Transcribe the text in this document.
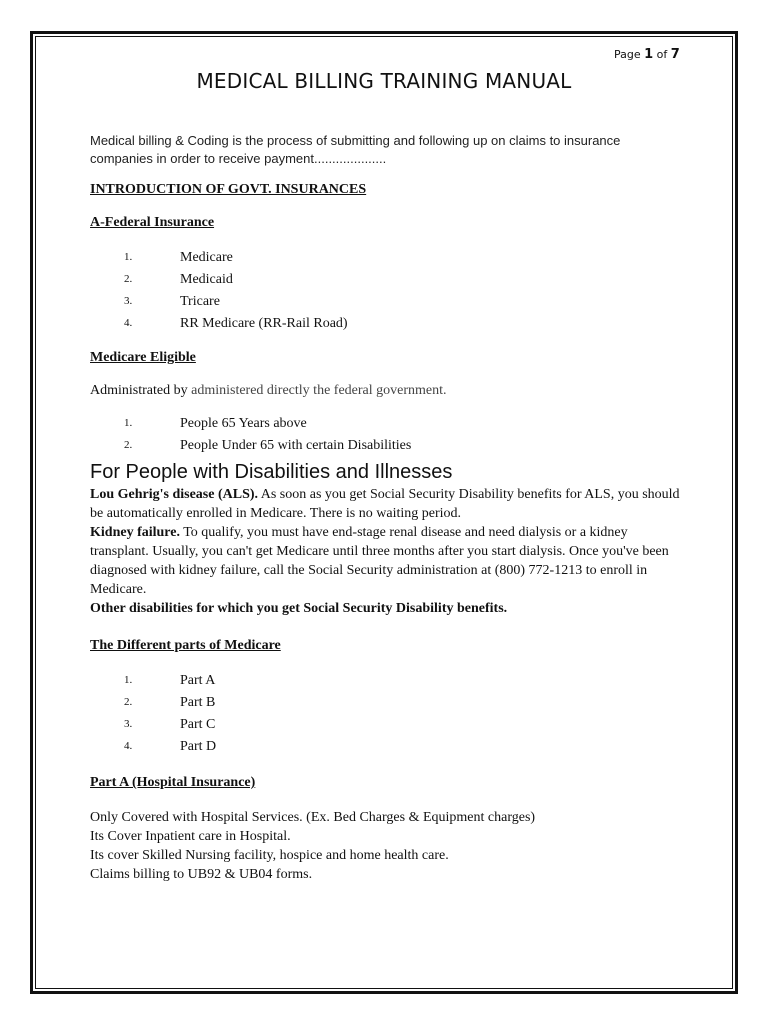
Page 1 of 7
MEDICAL BILLING TRAINING MANUAL

Medical billing & Coding is the process of submitting and following up on claims to insurance companies in order to receive payment....................

INTRODUCTION OF GOVT. INSURANCES

A-Federal Insurance

1.	Medicare
2.	Medicaid
3.	Tricare
4.	RR Medicare (RR-Rail Road)

Medicare Eligible

Administrated by administered directly the federal government.

1.	People 65 Years above
2.	People Under 65 with certain Disabilities
For People with Disabilities and Illnesses

Lou Gehrig's disease (ALS). As soon as you get Social Security Disability benefits for ALS, you should be automatically enrolled in Medicare. There is no waiting period.

Kidney failure. To qualify, you must have end-stage renal disease and need dialysis or a kidney transplant. Usually, you can't get Medicare until three months after you start dialysis. Once you've been diagnosed with kidney failure, call the Social Security administration at (800) 772-1213 to enroll in Medicare.

Other disabilities for which you get Social Security Disability benefits.

The Different parts of Medicare

1.	Part A
2.	Part B
3.	Part C
4.	Part D

Part A (Hospital Insurance)

Only Covered with Hospital Services. (Ex. Bed Charges & Equipment charges)

Its Cover Inpatient care in Hospital.

Its cover Skilled Nursing facility, hospice and home health care.

Claims billing to UB92 & UB04 forms.
